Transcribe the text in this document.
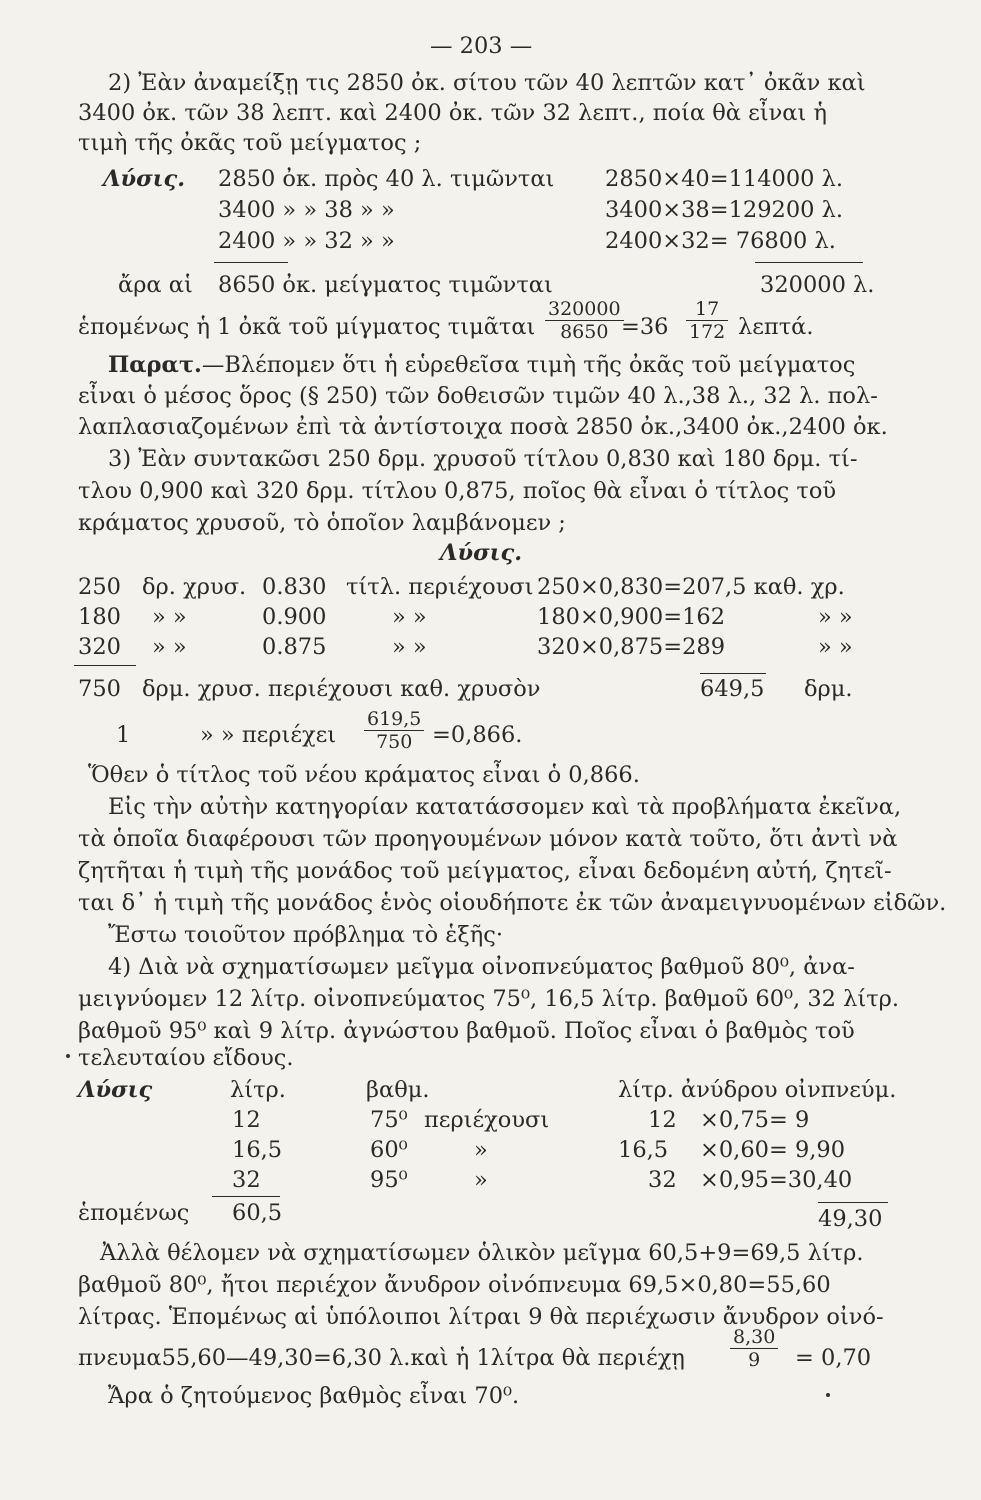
— 203 —
2) Ἐὰν ἀναμείξῃ τις 2850 ὀκ. σίτου τῶν 40 λεπτῶν κατ᾽ ὀκᾶν καὶ
3400 ὀκ. τῶν 38 λεπτ. καὶ 2400 ὀκ. τῶν 32 λεπτ., ποία θὰ εἶναι ἡ
τιμὴ τῆς ὀκᾶς τοῦ μείγματος ;
Λύσις. 2850 ὀκ. πρὸς 40 λ. τιμῶνται 2850×40=114000 λ.
3400 » » 38 » »	3400×38=129200 λ.
2400 » » 32 » »	2400×32= 76800 λ.
ἄρα αἱ 8650 ὀκ. μείγματος τιμῶνται	320000 λ.
ἑπομένως ἡ 1 ὀκᾶ τοῦ μίγματος τιμᾶται $\frac{320000}{8650}$
$=36 \frac{17}{172} \lambda\varepsilon\pi\tau ά$.
Παρατ.—Βλέπομεν ὅτι ἡ εὑρεθεῖσα τιμὴ τῆς ὀκᾶς τοῦ μείγματος
εἶναι ὁ μέσος ὅρος (§ 250) τῶν δοθεισῶν τιμῶν 40 λ.,38 λ., 32 λ. πολ-
λαπλασιαζομένων ἐπὶ τὰ ἀντίστοιχα ποσὰ 2850 ὀκ.,3400 ὀκ.,2400 ὀκ.
3) Ἐὰν συντακῶσι 250 δρμ. χρυσοῦ τίτλου 0,830 καὶ 180 δρμ. τί-
τλου 0,900 καὶ 320 δρμ. τίτλου 0,875, ποῖος θὰ εἶναι ὁ τίτλος τοῦ
κράματος χρυσοῦ, τὸ ὁποῖον λαμβάνομεν ;
Λύσις.
250 δρ. χρυσ. 0.830 τίτλ. περιέχουσι 250×0,830=207,5 καθ. χρ.
180 » »	0.900	» »	180×0,900=162	» »
320 » »	0.875	» »	320×0,875=289	» »
750 δρμ. χρυσ. περιέχουσι καθ. χρυσὸν	649,5 δρμ.
1	» » περιέχει $\frac{619,5}{750} =0,866$.
Ὅθεν ὁ τίτλος τοῦ νέου κράματος εἶναι ὁ 0,866.
Εἰς τὴν αὐτὴν κατηγορίαν κατατάσσομεν καὶ τὰ προβλήματα ἐκεῖνα,
τὰ ὁποῖα διαφέρουσι τῶν προηγουμένων μόνον κατὰ τοῦτο, ὅτι ἀντὶ νὰ
ζητῆται ἡ τιμὴ τῆς μονάδος τοῦ μείγματος, εἶναι δεδομένη αὐτή, ζητεῖ-
ται δ᾽ ἡ τιμὴ τῆς μονάδος ἑνὸς οἱουδήποτε ἐκ τῶν ἀναμειγνυομένων εἰδῶν.
Ἔστω τοιοῦτον πρόβλημα τὸ ἑξῆς·
4) Διὰ νὰ σχηματίσωμεν μεῖγμα οἰνοπνεύματος βαθμοῦ 80⁰, ἀνα-
μειγνύομεν 12 λίτρ. οἰνοπνεύματος 75⁰, 16,5 λίτρ. βαθμοῦ 60⁰, 32 λίτρ.
βαθμοῦ 95⁰ καὶ 9 λίτρ. ἀγνώστου βαθμοῦ. Ποῖος εἶναι ὁ βαθμὸς τοῦ
τελευταίου εἴδους.
Λύσις	λίτρ.	βαθμ.	λίτρ. ἀνύδρου οἰνπνεύμ.
12	75⁰ περιέχουσι	12 ×0,75= 9
16,5	60⁰	»	16,5 ×0,60= 9,90
32	95⁰	»	32 ×0,95=30,40
ἑπομένως 60,5	49,30
Ἀλλὰ θέλομεν νὰ σχηματίσωμεν ὁλικὸν μεῖγμα 60,5+9=69,5 λίτρ.
βαθμοῦ 80⁰, ἤτοι περιέχον ἄνυδρον οἰνόπνευμα 69,5×0,80=55,60
λίτρας. Ἑπομένως αἱ ὑπόλοιποι λίτραι 9 θὰ περιέχωσιν ἄνυδρον οἰνό-
πνευμα55,60—49,30=6,30 λ.καὶ ἡ 1λίτρα θὰ περιέχῃ $\frac{8,30}{9} = 0,70$
Ἄρα ὁ ζητούμενος βαθμὸς εἶναι 70⁰.
